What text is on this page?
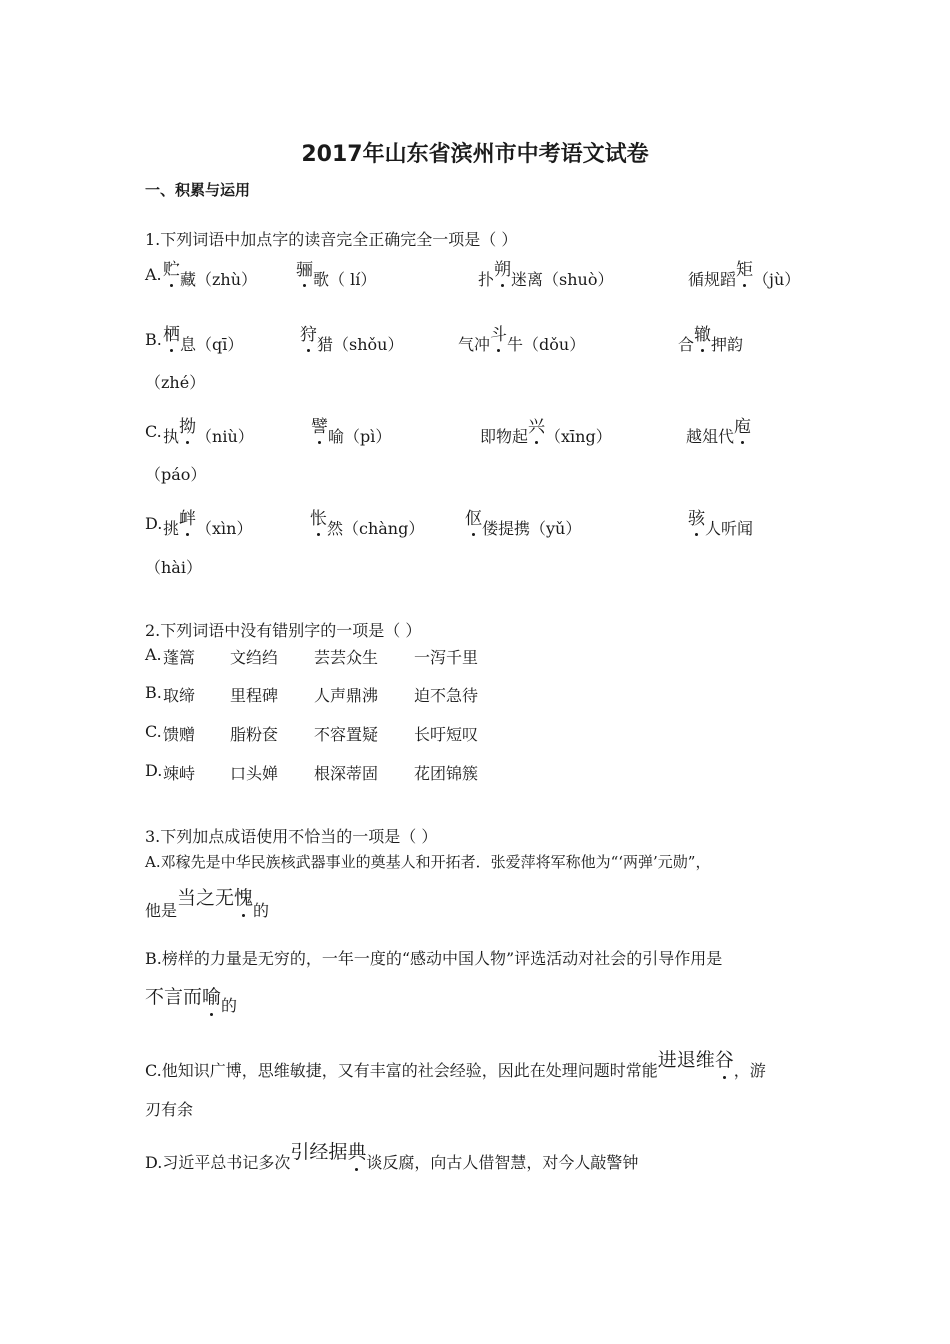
2017年山东省滨州市中考语文试卷
一、积累与运用
1.下列词语中加点字的读音完全正确完全一项是（ ）
A. 贮藏（zhù） 骊歌（ lí）	扑朔迷离（shuò）	循规蹈矩（jù）
B. 栖息（qī）	狩猎（shǒu）	气冲斗牛（dǒu）	合辙押韵
（zhé）
C. 执拗（niù）	譬喻（pì）	即物起兴（xīng）	越俎代庖
（páo）
D. 挑衅（xìn）	怅然（chàng） 伛偻提携（yǔ）	骇人听闻
（hài）
2.下列词语中没有错别字的一项是（ ）
A. 蓬篙 文绉绉 芸芸众生 一泻千里
B. 取缔 里程碑 人声鼎沸 迫不急待
C. 馈赠 脂粉奁 不容置疑 长吁短叹
D. 竦峙 口头婵 根深蒂固 花团锦簇
3.下列加点成语使用不恰当的一项是（ ）
A.邓稼先是中华民族核武器事业的奠基人和开拓者．张爱萍将军称他为“‘两弹’元勋”，
他是当之无愧的
B.榜样的力量是无穷的，一年一度的“感动中国人物”评选活动对社会的引导作用是
不言而喻的
C.他知识广博，思维敏捷，又有丰富的社会经验，因此在处理问题时常能进退维谷，游
刃有余
D.习近平总书记多次引经据典谈反腐，向古人借智慧，对今人敲警钟
